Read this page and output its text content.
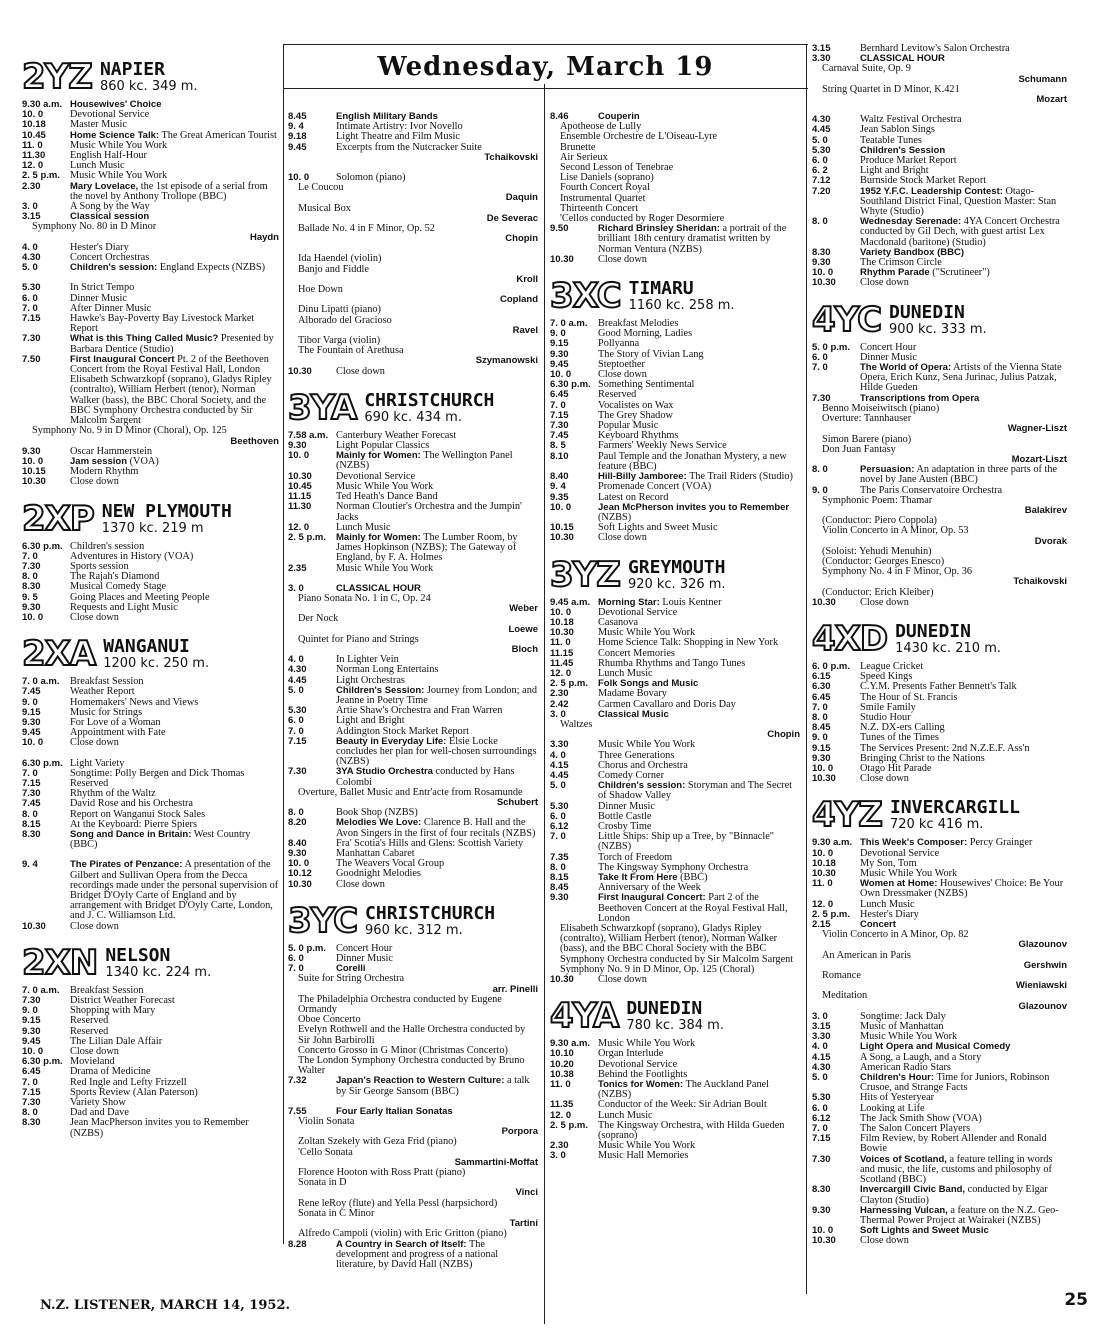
Wednesday, March 19
2YZ NAPIER
860 kc. 349 m.
9.30 a.m. Housewives' Choice
10. 0	Devotional Service
10.18	Master Music
10.45	Home Science Talk: The Great American Tourist
11. 0	Music While You Work
11.30	English Half-Hour
12. 0	Lunch Music
2. 5 p.m. Music While You Work
2.30	Mary Lovelace, the 1st episode of a serial from the novel by Anthony Trollope (BBC)
3. 0	A Song by the Way
3.15	Classical session
Symphony No. 80 in D Minor
Haydn
4. 0	Hester's Diary
4.30	Concert Orchestras
5. 0	Children's session: England Expects (NZBS)
5.30	In Strict Tempo
6. 0	Dinner Music
7. 0	After Dinner Music
7.15	Hawke's Bay-Poverty Bay Livestock Market Report
7.30	What is this Thing Called Music? Presented by Barbara Dentice (Studio)
7.50	First Inaugural Concert Pt. 2 of the Beethoven Concert from the Royal Festival Hall, London Elisabeth Schwarzkopf (soprano), Gladys Ripley (contralto), William Herbert (tenor), Norman Walker (bass), the BBC Choral Society, and the BBC Symphony Orchestra conducted by Sir Malcolm Sargent
Symphony No. 9 in D Minor (Choral), Op. 125
Beethoven
9.30	Oscar Hammerstein
10. 0	Jam session (VOA)
10.15	Modern Rhythm
10.30	Close down
2XP NEW PLYMOUTH
1370 kc. 219 m
6.30 p.m. Children's session
7. 0	Adventures in History (VOA)
7.30	Sports session
8. 0	The Rajah's Diamond
8.30	Musical Comedy Stage
9. 5	Going Places and Meeting People
9.30	Requests and Light Music
10. 0	Close down
2XA WANGANUI
1200 kc. 250 m.
7. 0 a.m.	Breakfast Session
7.45	Weather Report
9. 0	Homemakers' News and Views
9.15	Music for Strings
9.30	For Love of a Woman
9.45	Appointment with Fate
10. 0	Close down
6.30 p.m. Light Variety
7. 0	Songtime: Polly Bergen and Dick Thomas
7.15	Reserved
7.30	Rhythm of the Waltz
7.45	David Rose and his Orchestra
8. 0	Report on Wanganui Stock Sales
8.15	At the Keyboard: Pierre Spiers
8.30	Song and Dance in Britain: West Country (BBC)
9. 4	The Pirates of Penzance: A presentation of the Gilbert and Sullivan Opera from the Decca recordings made under the personal supervision of Bridget D'Oyly Carte of England and by arrangement with Bridget D'Oyly Carte, London, and J. C. Williamson Ltd.
10.30	Close down
2XN NELSON
1340 kc. 224 m.
7. 0 a.m.	Breakfast Session
7.30	District Weather Forecast
9. 0	Shopping with Mary
9.15	Reserved
9.30	Reserved
9.45	The Lilian Dale Affair
10. 0	Close down
6.30 p.m. Movieland
6.45	Drama of Medicine
7. 0	Red Ingle and Lefty Frizzell
7.15	Sports Review (Alan Paterson)
7.30	Variety Show
8. 0	Dad and Dave
8.30	Jean MacPherson invites you to Remember (NZBS)
8.45	English Military Bands
9. 4	Intimate Artistry: Ivor Novello
9.18	Light Theatre and Film Music
9.45	Excerpts from the Nutcracker Suite
Tchaikovski
10. 0	Solomon (piano)
Le Coucou
Daquin
Musical Box
De Severac
Ballade No. 4 in F Minor, Op. 52
Chopin
Ida Haendel (violin)
Banjo and Fiddle
Kroll
Hoe Down
Copland
Dinu Lipatti (piano)
Alborado del Gracioso
Ravel
Tibor Varga (violin)
The Fountain of Arethusa
Szymanowski
10.30	Close down
3YA CHRISTCHURCH
690 kc. 434 m.
7.58 a.m. Canterbury Weather Forecast
9.30	Light Popular Classics
10. 0	Mainly for Women: The Wellington Panel (NZBS)
10.30	Devotional Service
10.45	Music While You Work
11.15	Ted Heath's Dance Band
11.30	Norman Cloutier's Orchestra and the Jumpin' Jacks
12. 0	Lunch Music
2. 5 p.m.	Mainly for Women: The Lumber Room, by James Hopkinson (NZBS); The Gateway of England, by F. A. Holmes
2.35	Music While You Work
3. 0	CLASSICAL HOUR
Piano Sonata No. 1 in C, Op. 24
Weber
Der Nock
Loewe
Quintet for Piano and Strings
Bloch
4. 0	In Lighter Vein
4.30	Norman Long Entertains
4.45	Light Orchestras
5. 0	Children's Session: Journey from London; and Jeanne in Poetry Time
5.30	Artie Shaw's Orchestra and Fran Warren
6. 0	Light and Bright
7. 0	Addington Stock Market Report
7.15	Beauty in Everyday Life: Elsie Locke concludes her plan for well-chosen surroundings (NZBS)
7.30	3YA Studio Orchestra conducted by Hans Colombi
Overture, Ballet Music and Entr'acte from Rosamunde
Schubert
8. 0	Book Shop (NZBS)
8.20	Melodies We Love: Clarence B. Hall and the Avon Singers in the first of four recitals (NZBS)
8.40	Fra' Scotia's Hills and Glens: Scottish Variety
9.30	Manhattan Cabaret
10. 0	The Weavers Vocal Group
10.12	Goodnight Melodies
10.30	Close down
3YC CHRISTCHURCH
960 kc. 312 m.
5. 0 p.m. Concert Hour
6. 0	Dinner Music
7. 0	Corelli
Suite for String Orchestra
arr. Pinelli
The Philadelphia Orchestra conducted by Eugene Ormandy
Oboe Concerto
Evelyn Rothwell and the Halle Orchestra conducted by Sir John Barbirolli
Concerto Grosso in G Minor (Christmas Concerto)
The London Symphony Orchestra conducted by Bruno Walter
7.32	Japan's Reaction to Western Culture: a talk by Sir George Sansom (BBC)
7.55	Four Early Italian Sonatas
Violin Sonata
Porpora
Zoltan Szekely with Geza Frid (piano)
'Cello Sonata
Sammartini-Moffat
Florence Hooton with Ross Pratt (piano)
Sonata in D
Vinci
Rene leRoy (flute) and Yella Pessl (harpsichord)
Sonata in C Minor
Tartini
Alfredo Campoli (violin) with Eric Gritton (piano)
8.28	A Country in Search of Itself: The development and progress of a national literature, by David Hall (NZBS)
8.46	Couperin
Apotheose de Lully
Ensemble Orchestre de L'Oiseau-Lyre
Brunette
Air Serieux
Second Lesson of Tenebrae
Lise Daniels (soprano)
Fourth Concert Royal
Instrumental Quartet
Thirteenth Concert
'Cellos conducted by Roger Desormiere
9.50	Richard Brinsley Sheridan: a portrait of the brilliant 18th century dramatist written by Norman Ventura (NZBS)
10.30	Close down
3XC TIMARU
1160 kc. 258 m.
7. 0 a.m.	Breakfast Melodies
9. 0	Good Morning, Ladies
9.15	Pollyanna
9.30	The Story of Vivian Lang
9.45	Steptoether
10. 0	Close down
6.30 p.m. Something Sentimental
6.45	Reserved
7. 0	Vocalistes on Wax
7.15	The Grey Shadow
7.30	Popular Music
7.45	Keyboard Rhythms
8. 5	Farmers' Weekly News Service
8.10	Paul Temple and the Jonathan Mystery, a new feature (BBC)
8.40	Hill-Billy Jamboree: The Trail Riders (Studio)
9. 4	Promenade Concert (VOA)
9.35	Latest on Record
10. 0	Jean McPherson invites you to Remember (NZBS)
10.15	Soft Lights and Sweet Music
10.30	Close down
3YZ GREYMOUTH
920 kc. 326 m.
9.45 a.m. Morning Star: Louis Kentner
10. 0	Devotional Service
10.18	Casanova
10.30	Music While You Work
11. 0	Home Science Talk: Shopping in New York
11.15	Concert Memories
11.45	Rhumba Rhythms and Tango Tunes
12. 0	Lunch Music
2. 5 p.m.	Folk Songs and Music
2.30	Madame Bovary
2.42	Carmen Cavallaro and Doris Day
3. 0	Classical Music
Waltzes
Chopin
3.30	Music While You Work
4. 0	Three Generations
4.15	Chorus and Orchestra
4.45	Comedy Corner
5. 0	Children's session: Storyman and The Secret of Shadow Valley
5.30	Dinner Music
6. 0	Bottle Castle
6.12	Crosby Time
7. 0	Little Ships: Ship up a Tree, by "Binnacle" (NZBS)
7.35	Torch of Freedom
8. 0	The Kingsway Symphony Orchestra
8.15	Take It From Here (BBC)
8.45	Anniversary of the Week
9.30	First Inaugural Concert: Part 2 of the Beethoven Concert at the Royal Festival Hall, London
Elisabeth Schwarzkopf (soprano), Gladys Ripley (contralto), William Herbert (tenor), Norman Walker (bass), and the BBC Choral Society with the BBC Symphony Orchestra conducted by Sir Malcolm Sargent
Symphony No. 9 in D Minor, Op. 125 (Choral)
10.30	Close down
4YA DUNEDIN
780 kc. 384 m.
9.30 a.m. Music While You Work
10.10	Organ Interlude
10.20	Devotional Service
10.38	Behind the Footlights
11. 0	Tonics for Women: The Auckland Panel (NZBS)
11.35	Conductor of the Week: Sir Adrian Boult
12. 0	Lunch Music
2. 5 p.m. The Kingsway Orchestra, with Hilda Gueden (soprano)
2.30	Music While You Work
3. 0	Music Hall Memories
3.15	Bernhard Levitow's Salon Orchestra
3.30	CLASSICAL HOUR
Carnaval Suite, Op. 9
Schumann
String Quartet in D Minor, K.421
Mozart
4.30	Waltz Festival Orchestra
4.45	Jean Sablon Sings
5. 0	Teatable Tunes
5.30	Children's Session
6. 0	Produce Market Report
6. 2	Light and Bright
7.12	Burnside Stock Market Report
7.20	1952 Y.F.C. Leadership Contest: Otago-Southland District Final, Question Master: Stan Whyte (Studio)
8. 0	Wednesday Serenade: 4YA Concert Orchestra conducted by Gil Dech, with guest artist Lex Macdonald (baritone) (Studio)
8.30	Variety Bandbox (BBC)
9.30	The Crimson Circle
10. 0	Rhythm Parade ("Scrutineer")
10.30	Close down
4YC DUNEDIN
900 kc. 333 m.
5. 0 p.m. Concert Hour
6. 0	Dinner Music
7. 0	The World of Opera: Artists of the Vienna State Opera, Erich Kunz, Sena Jurinac, Julius Patzak, Hilde Gueden
7.30	Transcriptions from Opera
Benno Moiseiwitsch (piano)
Overture: Tannhauser
Wagner-Liszt
Simon Barere (piano)
Don Juan Fantasy
Mozart-Liszt
8. 0	Persuasion: An adaptation in three parts of the novel by Jane Austen (BBC)
9. 0	The Paris Conservatoire Orchestra
Symphonic Poem: Thamar
Balakirev
(Conductor: Piero Coppola)
Violin Concerto in A Minor, Op. 53
Dvorak
(Soloist: Yehudi Menuhin)
(Conductor: Georges Enesco)
Symphony No. 4 in F Minor, Op. 36
Tchaikovski
(Conductor: Erich Kleiber)
10.30	Close down
4XD DUNEDIN
1430 kc. 210 m.
6. 0 p.m. League Cricket
6.15	Speed Kings
6.30	C.Y.M. Presents Father Bennett's Talk
6.45	The Hour of St. Francis
7. 0	Smile Family
8. 0	Studio Hour
8.45	N.Z. DX-ers Calling
9. 0	Tunes of the Times
9.15	The Services Present: 2nd N.Z.E.F. Ass'n
9.30	Bringing Christ to the Nations
10. 0	Otago Hit Parade
10.30	Close down
4YZ INVERCARGILL
720 kc 416 m.
9.30 a.m. This Week's Composer: Percy Grainger
10. 0	Devotional Service
10.18	My Son, Tom
10.30	Music While You Work
11. 0	Women at Home: Housewives' Choice: Be Your Own Dressmaker (NZBS)
12. 0	Lunch Music
2. 5 p.m. Hester's Diary
2.15	Concert
Violin Concerto in A Minor, Op. 82
Glazounov
An American in Paris
Gershwin
Romance
Wieniawski
Meditation
Glazounov
3. 0	Songtime: Jack Daly
3.15	Music of Manhattan
3.30	Music While You Work
4. 0	Light Opera and Musical Comedy
4.15	A Song, a Laugh, and a Story
4.30	American Radio Stars
5. 0	Children's Hour: Time for Juniors, Robinson Crusoe, and Strange Facts
5.30	Hits of Yesteryear
6. 0	Looking at Life
6.12	The Jack Smith Show (VOA)
7. 0	The Salon Concert Players
7.15	Film Review, by Robert Allender and Ronald Bowie
7.30	Voices of Scotland, a feature telling in words and music, the life, customs and philosophy of Scotland (BBC)
8.30	Invercargill Civic Band, conducted by Elgar Clayton (Studio)
9.30	Harnessing Vulcan, a feature on the N.Z. Geo-Thermal Power Project at Wairakei (NZBS)
10. 0	Soft Lights and Sweet Music
10.30	Close down
N.Z. LISTENER, MARCH 14, 1952.	25
